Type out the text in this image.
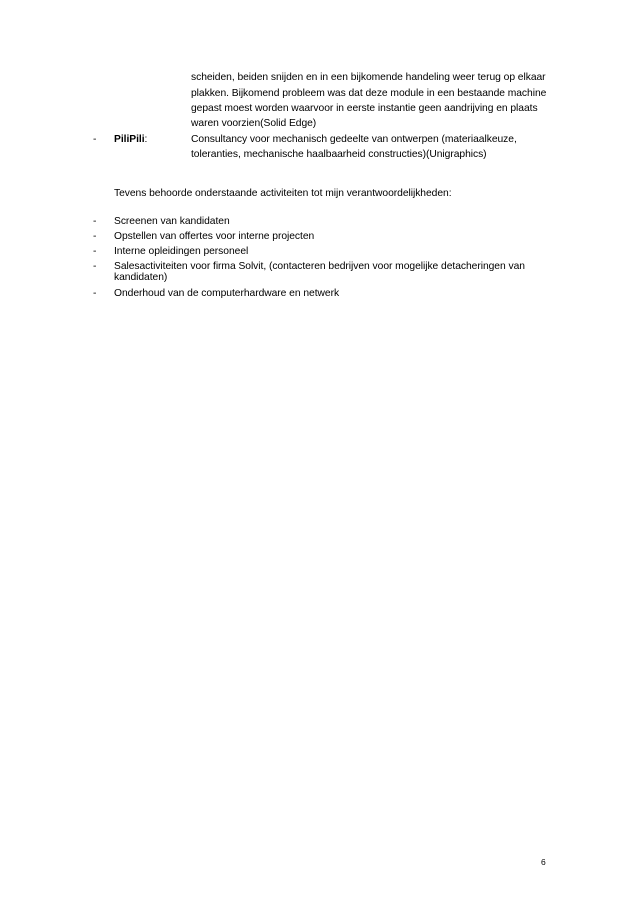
scheiden, beiden snijden en in een bijkomende handeling weer terug op elkaar
plakken. Bijkomend probleem was dat deze module in een bestaande machine
gepast moest worden waarvoor in eerste instantie geen aandrijving en plaats
waren voorzien(Solid Edge)
- PiliPili:	Consultancy voor mechanisch gedeelte van ontwerpen (materiaalkeuze,
toleranties, mechanische haalbaarheid constructies)(Unigraphics)
Tevens behoorde onderstaande activiteiten tot mijn verantwoordelijkheden:
- Screenen van kandidaten
- Opstellen van offertes voor interne projecten
- Interne opleidingen personeel
- Salesactiviteiten voor firma Solvit, (contacteren bedrijven voor mogelijke detacheringen van
kandidaten)
- Onderhoud van de computerhardware en netwerk
6
